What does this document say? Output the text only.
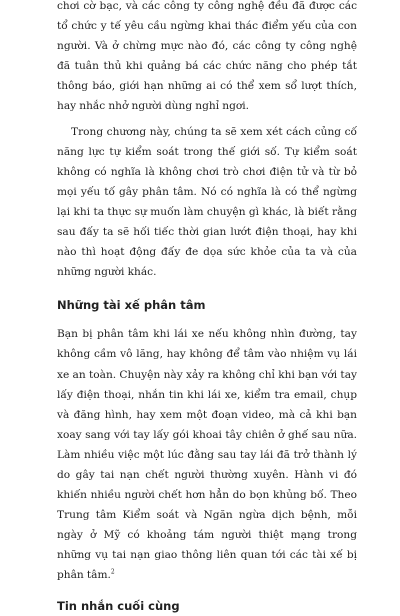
chơi cờ bạc, và các công ty công nghệ đều đã được các tổ chức y tế yêu cầu ngừng khai thác điểm yếu của con người. Và ở chừng mực nào đó, các công ty công nghệ đã tuân thủ khi quảng bá các chức năng cho phép tắt thông báo, giới hạn những ai có thể xem sổ lượt thích, hay nhắc nhở người dùng nghỉ ngơi.

Trong chương này, chúng ta sẽ xem xét cách củng cố năng lực tự kiểm soát trong thế giới số. Tự kiểm soát không có nghĩa là không chơi trò chơi điện tử và từ bỏ mọi yếu tố gây phân tâm. Nó có nghĩa là có thể ngừng lại khi ta thực sự muốn làm chuyện gì khác, là biết rằng sau đấy ta sẽ hối tiếc thời gian lướt điện thoại, hay khi nào thì hoạt động đấy đe dọa sức khỏe của ta và của những người khác.

Những tài xế phân tâm

Bạn bị phân tâm khi lái xe nếu không nhìn đường, tay không cầm vô lăng, hay không để tâm vào nhiệm vụ lái xe an toàn. Chuyện này xảy ra không chỉ khi bạn với tay lấy điện thoại, nhắn tin khi lái xe, kiểm tra email, chụp và đăng hình, hay xem một đoạn video, mà cả khi bạn xoay sang với tay lấy gói khoai tây chiên ở ghế sau nữa. Làm nhiều việc một lúc đằng sau tay lái đã trở thành lý do gây tai nạn chết người thường xuyên. Hành vi đó khiến nhiều người chết hơn hẳn do bọn khủng bố. Theo Trung tâm Kiểm soát và Ngăn ngừa dịch bệnh, mỗi ngày ở Mỹ có khoảng tám người thiệt mạng trong những vụ tai nạn giao thông liên quan tới các tài xế bị phân tâm.$^2$

Tin nhắn cuối cùng
